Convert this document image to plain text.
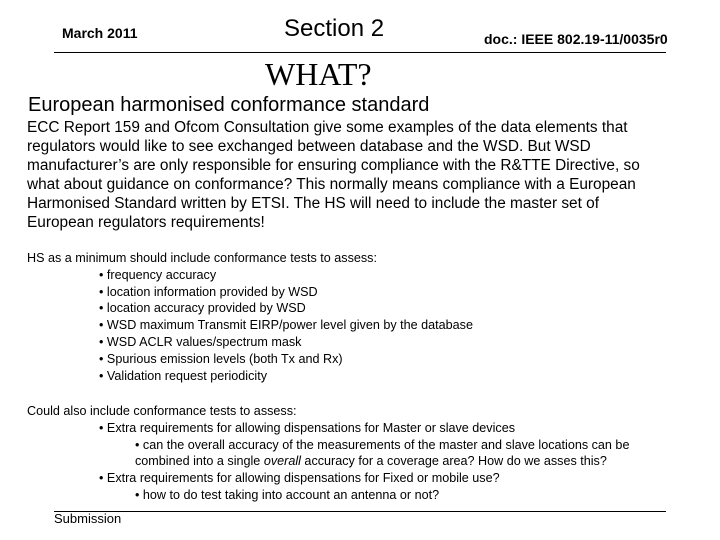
March 2011	Section 2	doc.: IEEE 802.19-11/0035r0
WHAT?
European harmonised conformance standard

ECC Report 159 and Ofcom Consultation give some examples of the data elements that
regulators would like to see exchanged between database and the WSD. But WSD
manufacturer’s are only responsible for ensuring compliance with the R&TTE Directive, so
what about guidance on conformance? This normally means compliance with a European
Harmonised Standard written by ETSI. The HS will need to include the master set of
European regulators requirements!

HS as a minimum should include conformance tests to assess:
• frequency accuracy
• location information provided by WSD
• location accuracy provided by WSD
• WSD maximum Transmit EIRP/power level given by the database
• WSD ACLR values/spectrum mask
• Spurious emission levels (both Tx and Rx)
• Validation request periodicity
Could also include conformance tests to assess:
• Extra requirements for allowing dispensations for Master or slave devices
• can the overall accuracy of the measurements of the master and slave locations can be
combined into a single overall accuracy for a coverage area? How do we asses this?
• Extra requirements for allowing dispensations for Fixed or mobile use?
• how to do test taking into account an antenna or not?
Submission
